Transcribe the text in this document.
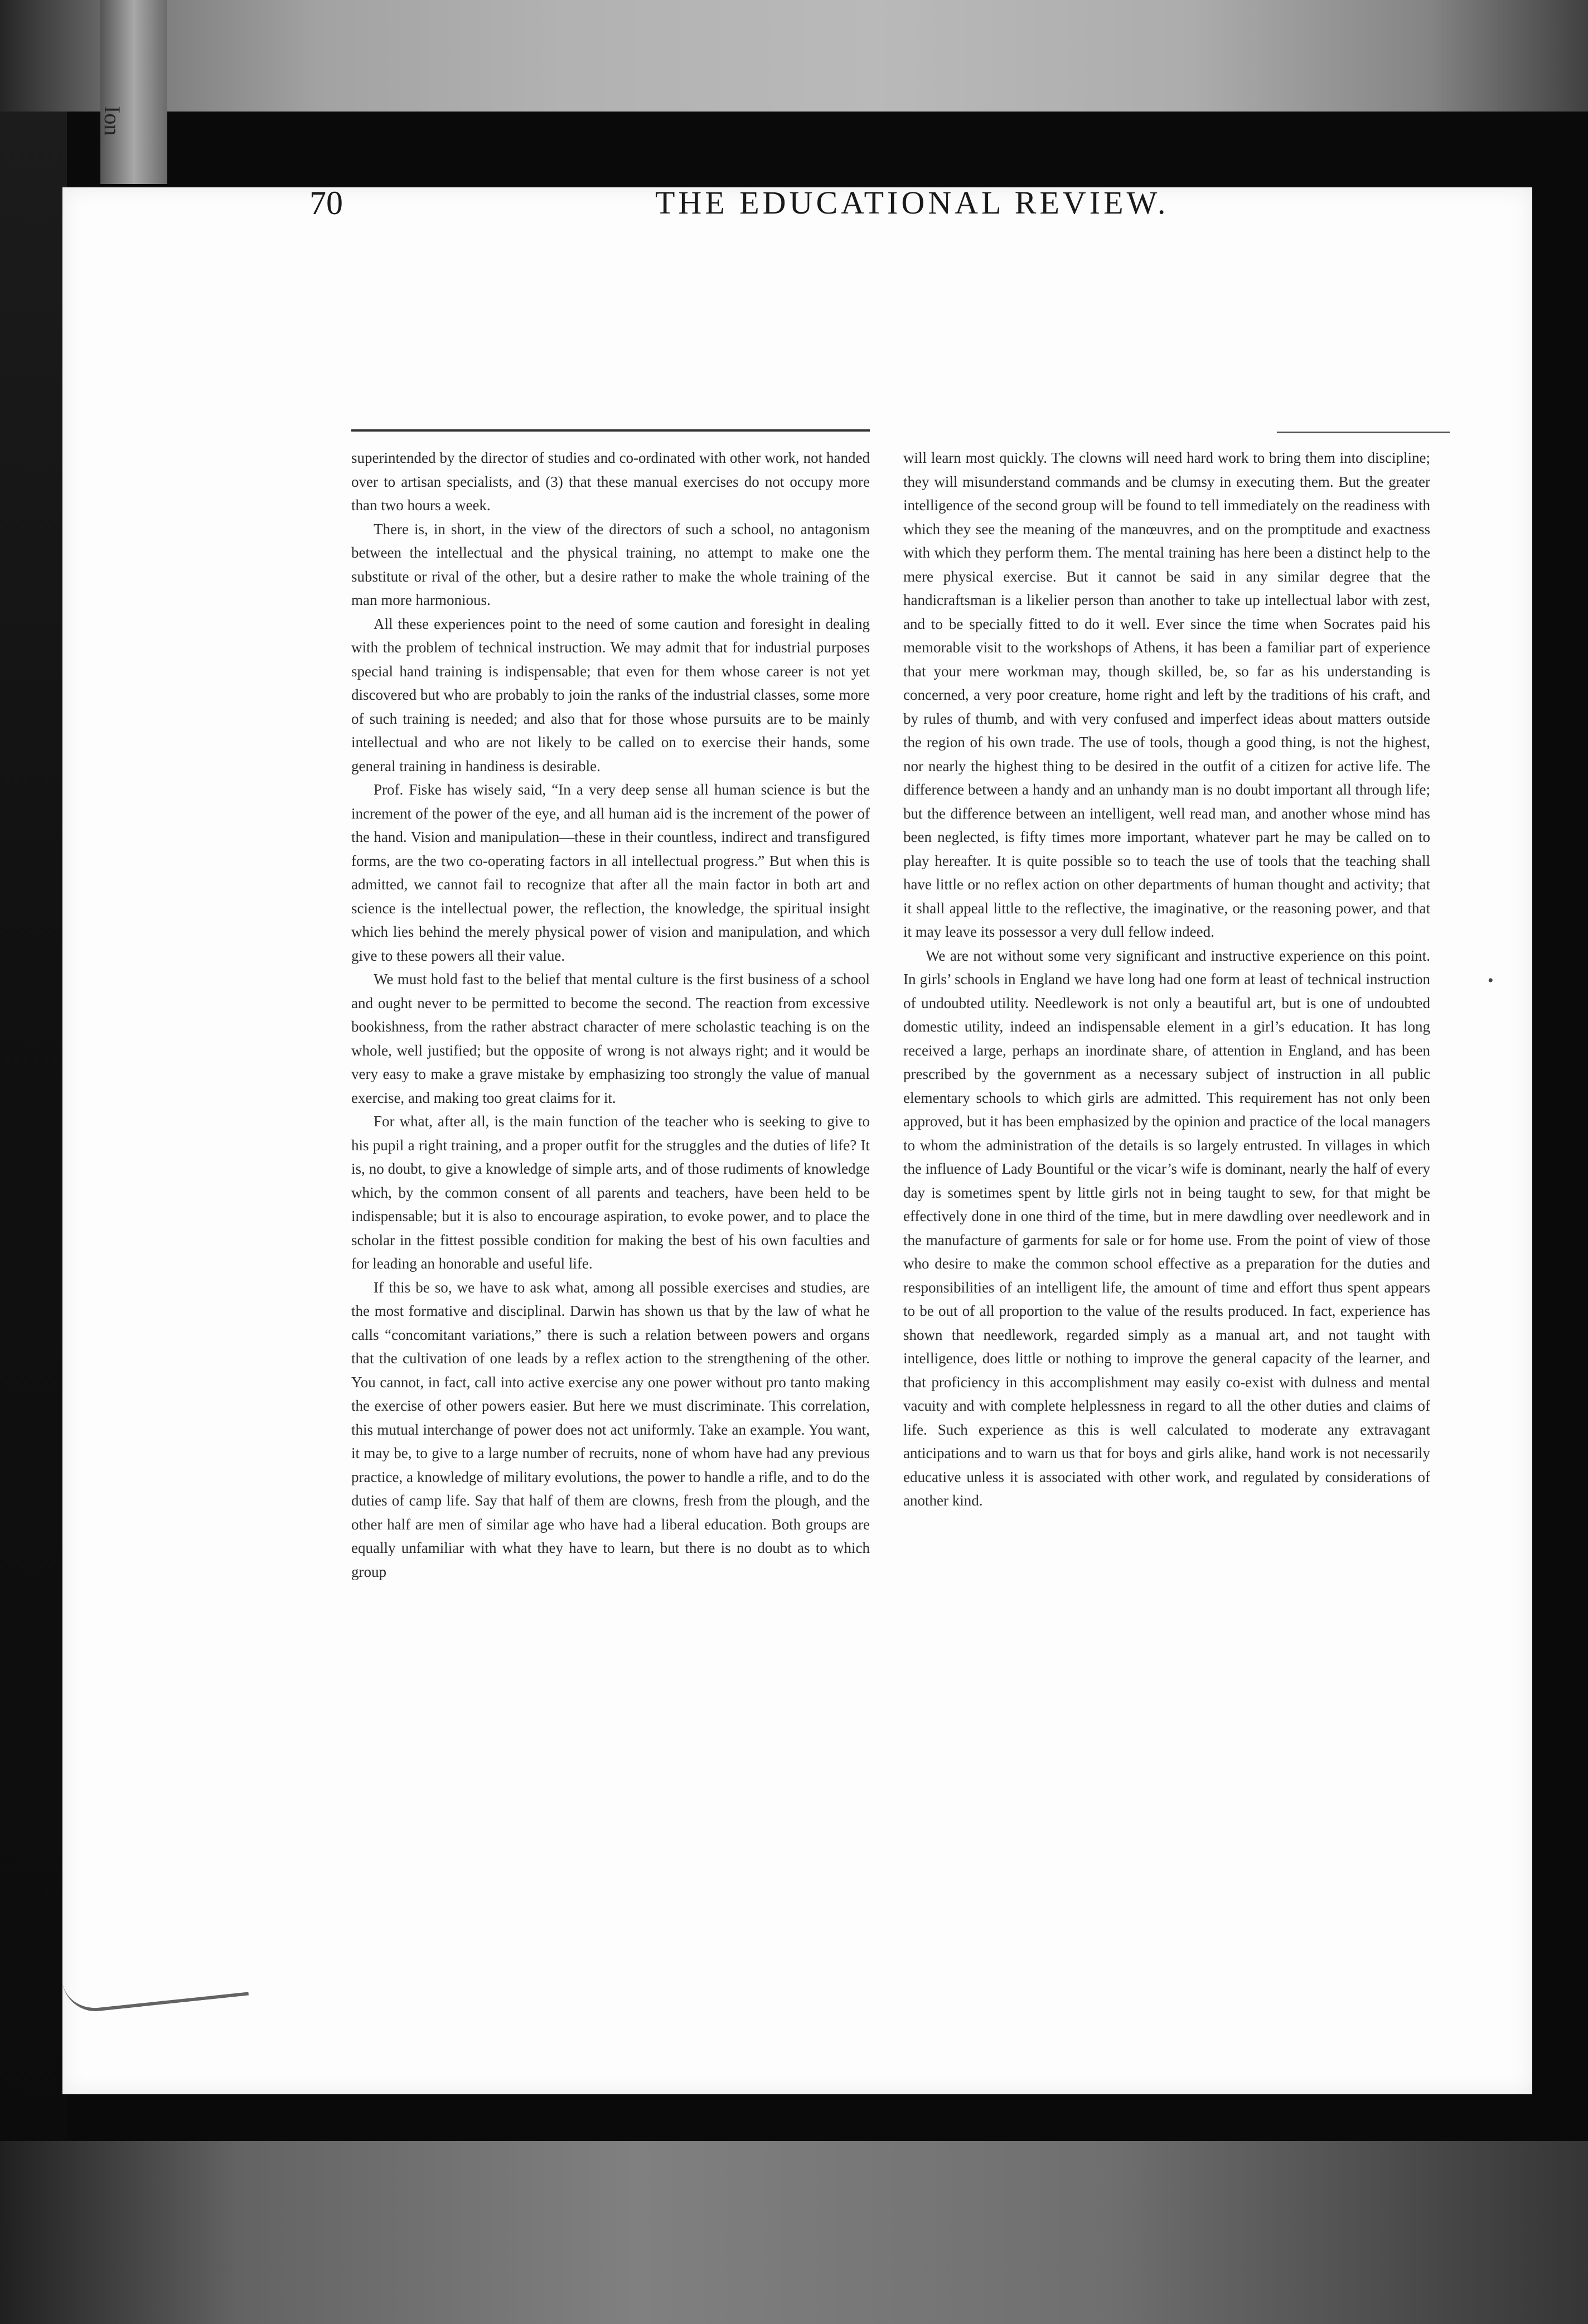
Ion
70	THE EDUCATIONAL REVIEW.

superintended by the director of studies and co-ordinated with other work, not handed over to artisan specialists, and (3) that these manual exercises do not occupy more than two hours a week.

There is, in short, in the view of the directors of such a school, no antagonism between the intellectual and the physical training, no attempt to make one the substitute or rival of the other, but a desire rather to make the whole training of the man more harmonious.

All these experiences point to the need of some caution and foresight in dealing with the problem of technical instruction. We may admit that for industrial purposes special hand training is indispensable; that even for them whose career is not yet discovered but who are probably to join the ranks of the industrial classes, some more of such training is needed; and also that for those whose pursuits are to be mainly intellectual and who are not likely to be called on to exercise their hands, some general training in handiness is desirable.

Prof. Fiske has wisely said, “In a very deep sense all human science is but the increment of the power of the eye, and all human aid is the increment of the power of the hand. Vision and manipulation—these in their countless, indirect and transfigured forms, are the two co-operating factors in all intellectual progress.” But when this is admitted, we cannot fail to recognize that after all the main factor in both art and science is the intellectual power, the reflection, the knowledge, the spiritual insight which lies behind the merely physical power of vision and manipulation, and which give to these powers all their value.

We must hold fast to the belief that mental culture is the first business of a school and ought never to be permitted to become the second. The reaction from excessive bookishness, from the rather abstract character of mere scholastic teaching is on the whole, well justified; but the opposite of wrong is not always right; and it would be very easy to make a grave mistake by emphasizing too strongly the value of manual exercise, and making too great claims for it.

For what, after all, is the main function of the teacher who is seeking to give to his pupil a right training, and a proper outfit for the struggles and the duties of life? It is, no doubt, to give a knowledge of simple arts, and of those rudiments of knowledge which, by the common consent of all parents and teachers, have been held to be indispensable; but it is also to encourage aspiration, to evoke power, and to place the scholar in the fittest possible condition for making the best of his own faculties and for leading an honorable and useful life.

If this be so, we have to ask what, among all possible exercises and studies, are the most formative and disciplinal. Darwin has shown us that by the law of what he calls “concomitant variations,” there is such a relation between powers and organs that the cultivation of one leads by a reflex action to the strengthening of the other. You cannot, in fact, call into active exercise any one power without pro tanto making the exercise of other powers easier. But here we must discriminate. This correlation, this mutual interchange of power does not act uniformly. Take an example. You want, it may be, to give to a large number of recruits, none of whom have had any previous practice, a knowledge of military evolutions, the power to handle a rifle, and to do the duties of camp life. Say that half of them are clowns, fresh from the plough, and the other half are men of similar age who have had a liberal education. Both groups are equally unfamiliar with what they have to learn, but there is no doubt as to which group

will learn most quickly. The clowns will need hard work to bring them into discipline; they will misunderstand commands and be clumsy in executing them. But the greater intelligence of the second group will be found to tell immediately on the readiness with which they see the meaning of the manœuvres, and on the promptitude and exactness with which they perform them. The mental training has here been a distinct help to the mere physical exercise. But it cannot be said in any similar degree that the handicraftsman is a likelier person than another to take up intellectual labor with zest, and to be specially fitted to do it well. Ever since the time when Socrates paid his memorable visit to the workshops of Athens, it has been a familiar part of experience that your mere workman may, though skilled, be, so far as his understanding is concerned, a very poor creature, home right and left by the traditions of his craft, and by rules of thumb, and with very confused and imperfect ideas about matters outside the region of his own trade. The use of tools, though a good thing, is not the highest, nor nearly the highest thing to be desired in the outfit of a citizen for active life. The difference between a handy and an unhandy man is no doubt important all through life; but the difference between an intelligent, well read man, and another whose mind has been neglected, is fifty times more important, whatever part he may be called on to play hereafter. It is quite possible so to teach the use of tools that the teaching shall have little or no reflex action on other departments of human thought and activity; that it shall appeal little to the reflective, the imaginative, or the reasoning power, and that it may leave its possessor a very dull fellow indeed.

We are not without some very significant and instructive experience on this point. In girls’ schools in England we have long had one form at least of technical instruction of undoubted utility. Needlework is not only a beautiful art, but is one of undoubted domestic utility, indeed an indispensable element in a girl’s education. It has long received a large, perhaps an inordinate share, of attention in England, and has been prescribed by the government as a necessary subject of instruction in all public elementary schools to which girls are admitted. This requirement has not only been approved, but it has been emphasized by the opinion and practice of the local managers to whom the administration of the details is so largely entrusted. In villages in which the influence of Lady Bountiful or the vicar’s wife is dominant, nearly the half of every day is sometimes spent by little girls not in being taught to sew, for that might be effectively done in one third of the time, but in mere dawdling over needlework and in the manufacture of garments for sale or for home use. From the point of view of those who desire to make the common school effective as a preparation for the duties and responsibilities of an intelligent life, the amount of time and effort thus spent appears to be out of all proportion to the value of the results produced. In fact, experience has shown that needlework, regarded simply as a manual art, and not taught with intelligence, does little or nothing to improve the general capacity of the learner, and that proficiency in this accomplishment may easily co-exist with dulness and mental vacuity and with complete helplessness in regard to all the other duties and claims of life. Such experience as this is well calculated to moderate any extravagant anticipations and to warn us that for boys and girls alike, hand work is not necessarily educative unless it is associated with other work, and regulated by considerations of another kind.

•
